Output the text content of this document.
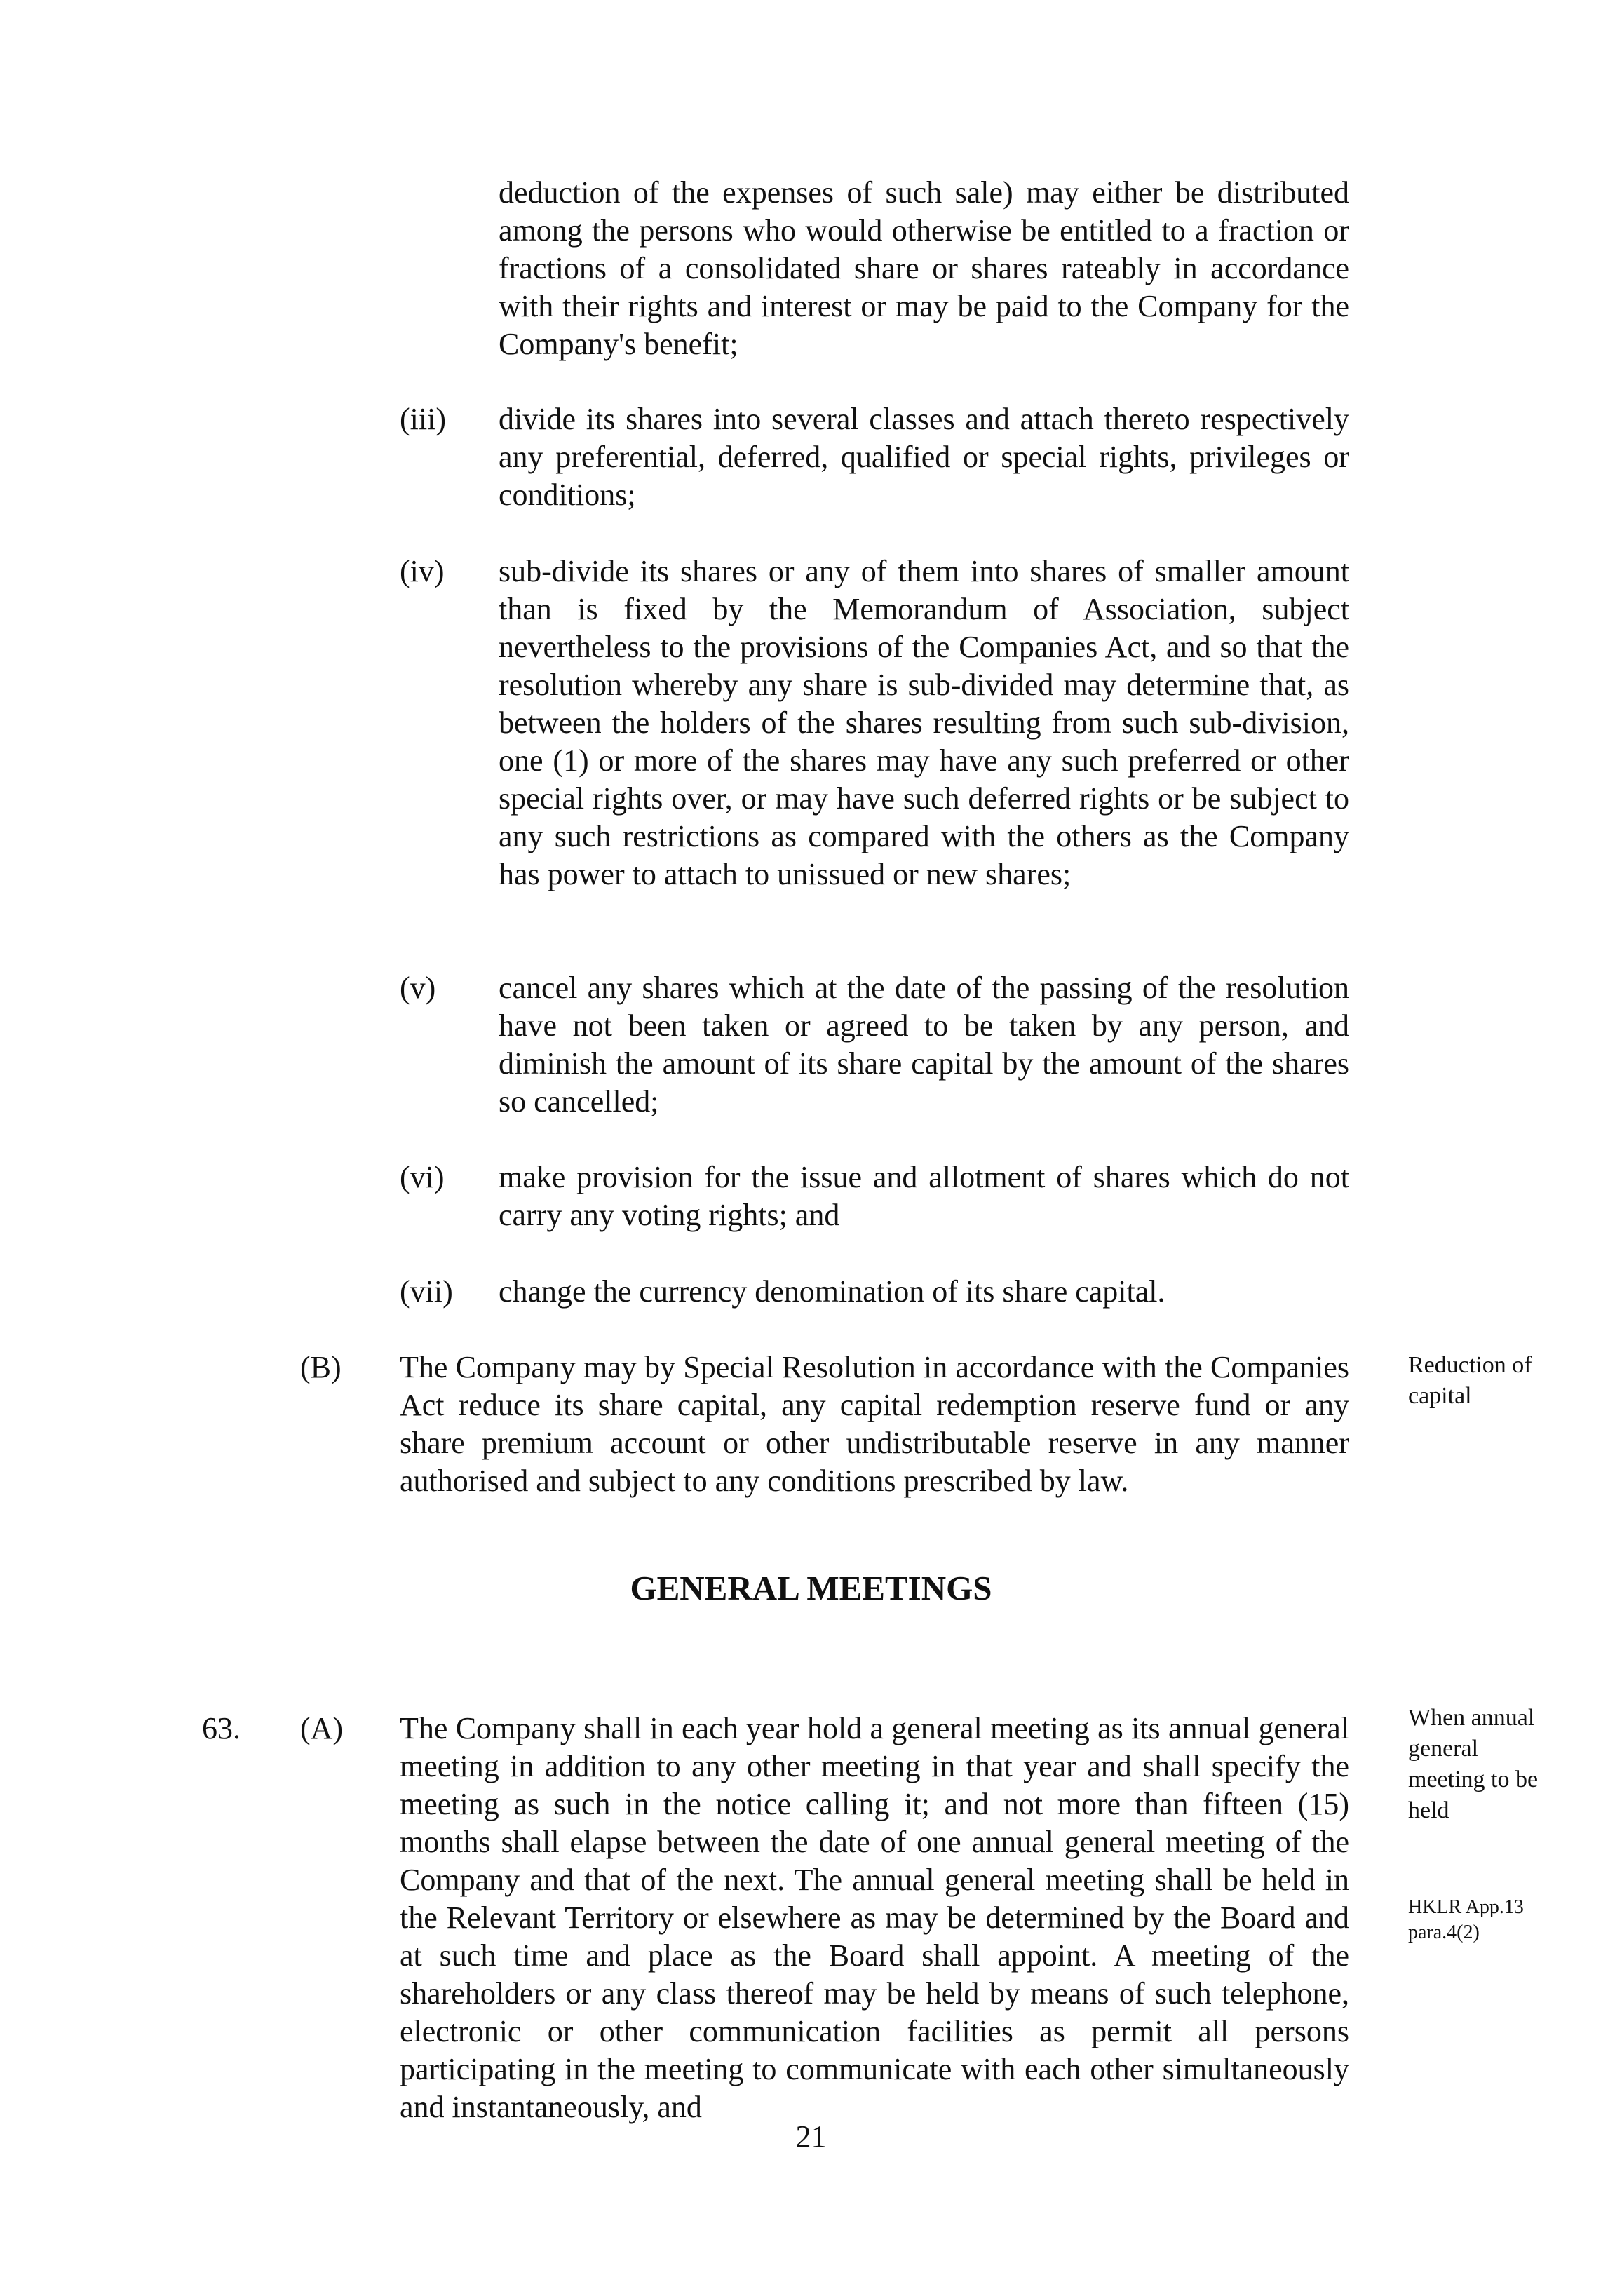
deduction of the expenses of such sale) may either be distributed among the persons who would otherwise be entitled to a fraction or fractions of a consolidated share or shares rateably in accordance with their rights and interest or may be paid to the Company for the Company's benefit;

(iii) divide its shares into several classes and attach thereto respectively any preferential, deferred, qualified or special rights, privileges or conditions;

(iv) sub-divide its shares or any of them into shares of smaller amount than is fixed by the Memorandum of Association, subject nevertheless to the provisions of the Companies Act, and so that the resolution whereby any share is sub-divided may determine that, as between the holders of the shares resulting from such sub-division, one (1) or more of the shares may have any such preferred or other special rights over, or may have such deferred rights or be subject to any such restrictions as compared with the others as the Company has power to attach to unissued or new shares;

(v) cancel any shares which at the date of the passing of the resolution have not been taken or agreed to be taken by any person, and diminish the amount of its share capital by the amount of the shares so cancelled;

(vi) make provision for the issue and allotment of shares which do not carry any voting rights; and

(vii) change the currency denomination of its share capital.

(B) The Company may by Special Resolution in accordance with the Companies Act reduce its share capital, any capital redemption reserve fund or any share premium account or other undistributable reserve in any manner authorised and subject to any conditions prescribed by law.

Reduction of capital

GENERAL MEETINGS

63. (A) The Company shall in each year hold a general meeting as its annual general meeting in addition to any other meeting in that year and shall specify the meeting as such in the notice calling it; and not more than fifteen (15) months shall elapse between the date of one annual general meeting of the Company and that of the next. The annual general meeting shall be held in the Relevant Territory or elsewhere as may be determined by the Board and at such time and place as the Board shall appoint. A meeting of the shareholders or any class thereof may be held by means of such telephone, electronic or other communication facilities as permit all persons participating in the meeting to communicate with each other simultaneously and instantaneously, and

When annual general meeting to be held

HKLR App.13 para.4(2)

21
